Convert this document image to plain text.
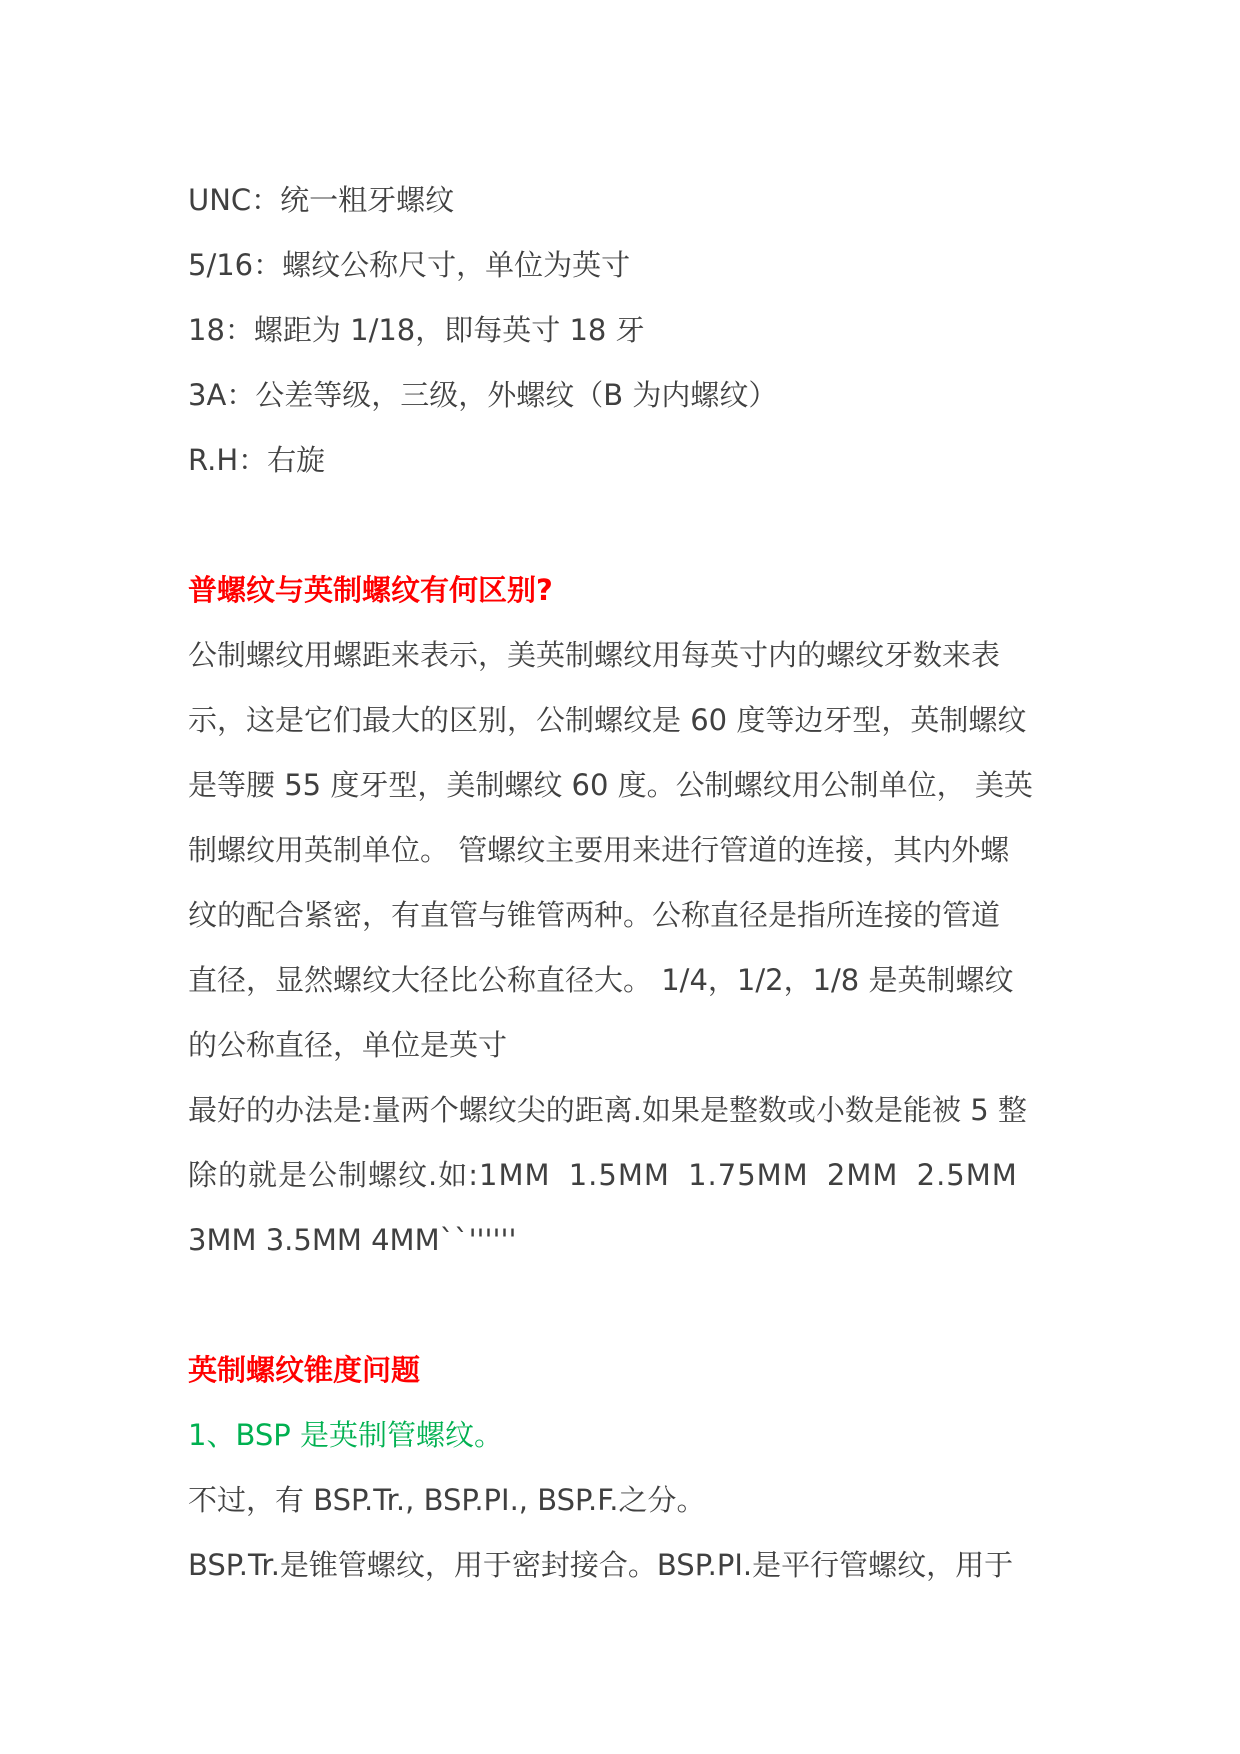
UNC：统一粗牙螺纹

5/16：螺纹公称尺寸，单位为英寸

18：螺距为 1/18，即每英寸 18 牙

3A：公差等级，三级，外螺纹（B 为内螺纹）

R.H：右旋

普螺纹与英制螺纹有何区别?

公制螺纹用螺距来表示，美英制螺纹用每英寸内的螺纹牙数来表

示，这是它们最大的区别，公制螺纹是 60 度等边牙型，英制螺纹

是等腰 55 度牙型，美制螺纹 60 度。公制螺纹用公制单位， 美英

制螺纹用英制单位。 管螺纹主要用来进行管道的连接，其内外螺

纹的配合紧密，有直管与锥管两种。公称直径是指所连接的管道

直径，显然螺纹大径比公称直径大。 1/4，1/2，1/8 是英制螺纹

的公称直径，单位是英寸

最好的办法是:量两个螺纹尖的距离.如果是整数或小数是能被 5 整

除的就是公制螺纹.如:1MM 1.5MM 1.75MM 2MM 2.5MM

3MM 3.5MM 4MM``''''''

英制螺纹锥度问题

1、BSP 是英制管螺纹。

不过，有 BSP.Tr., BSP.PI., BSP.F.之分。

BSP.Tr.是锥管螺纹，用于密封接合。BSP.PI.是平行管螺纹，用于
